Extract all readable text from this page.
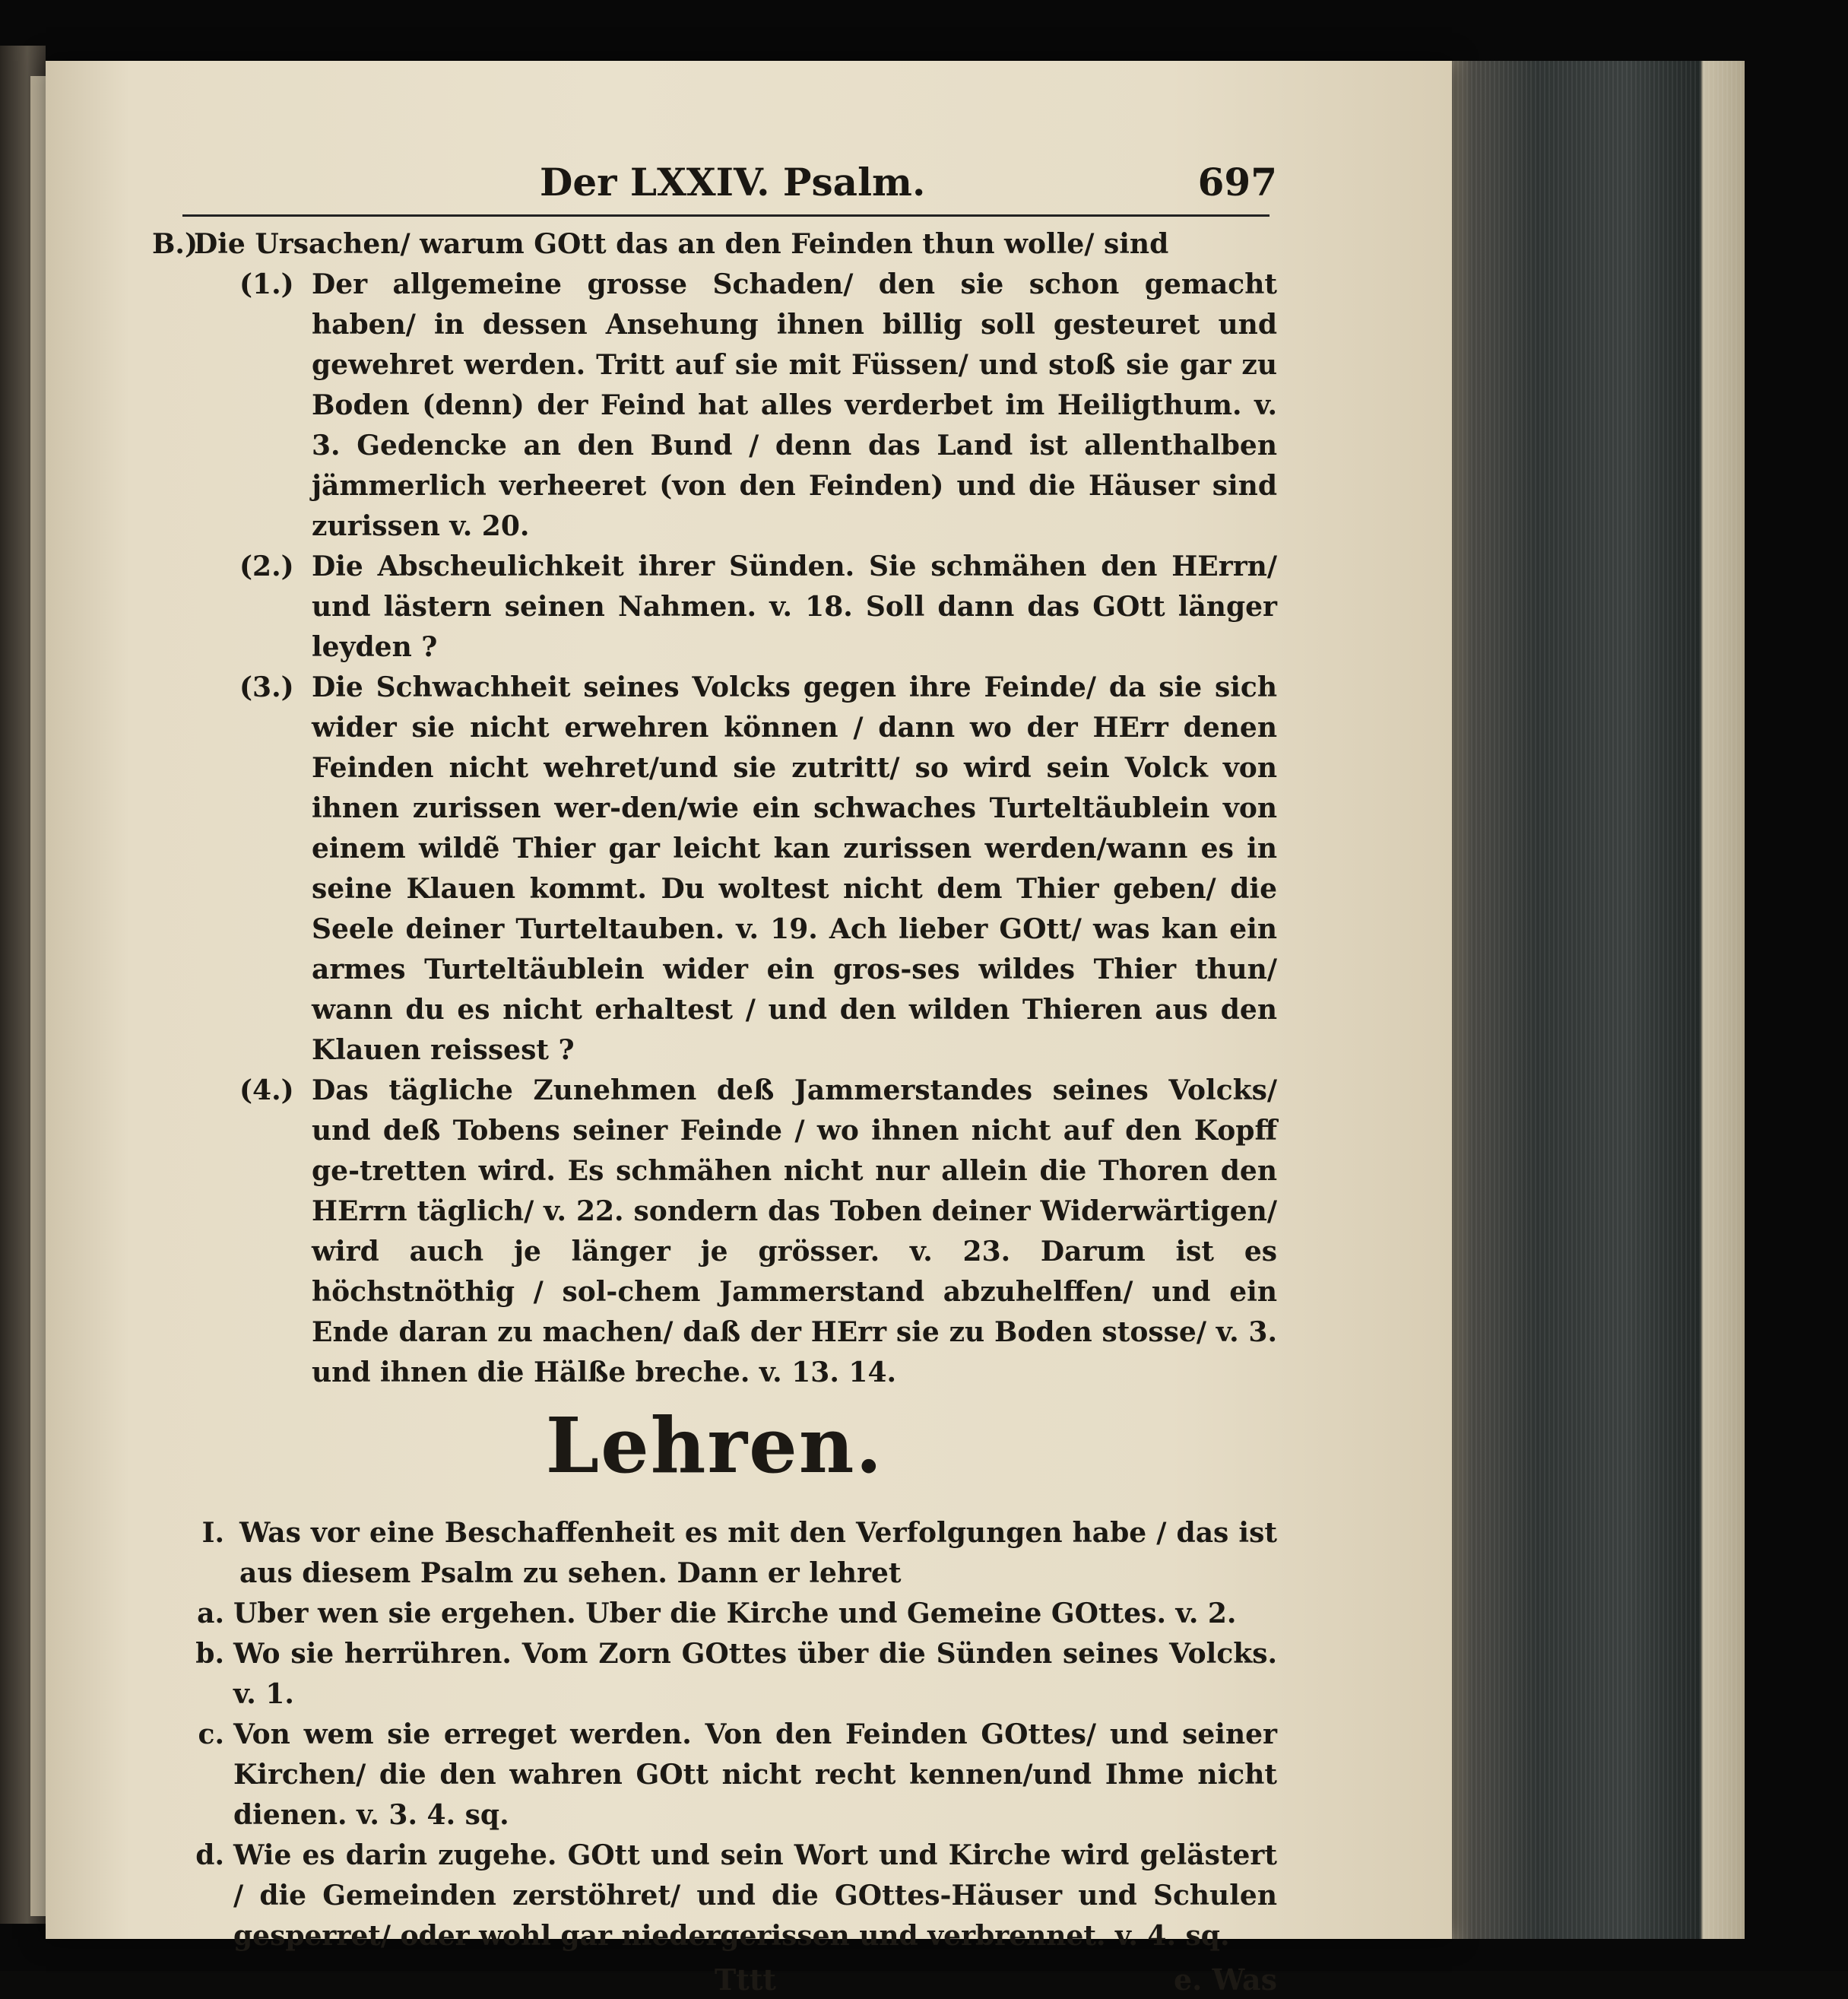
Der LXXIV. Psalm.	697
B.)
Die Ursachen/ warum GOtt das an den Feinden thun wolle/ sind
(1.) Der allgemeine grosse Schaden/ den sie schon gemacht haben/ in dessen Ansehung ihnen billig soll gesteuret und gewehret werden. Tritt auf sie mit Füssen/ und stoß sie gar zu Boden (denn) der Feind hat alles verderbet im Heiligthum. v. 3. Gedencke an den Bund / denn das Land ist allenthalben jämmerlich verheeret (von den Feinden) und die Häuser sind zurissen v. 20.
(2.) Die Abscheulichkeit ihrer Sünden. Sie schmähen den HErrn/ und lästern seinen Nahmen. v. 18. Soll dann das GOtt länger leyden ?
(3.) Die Schwachheit seines Volcks gegen ihre Feinde/ da sie sich wider sie nicht erwehren können / dann wo der HErr denen Feinden nicht wehret/und sie zutritt/ so wird sein Volck von ihnen zurissen wer-den/wie ein schwaches Turteltäublein von einem wildẽ Thier gar leicht kan zurissen werden/wann es in seine Klauen kommt. Du woltest nicht dem Thier geben/ die Seele deiner Turteltauben. v. 19. Ach lieber GOtt/ was kan ein armes Turteltäublein wider ein gros-ses wildes Thier thun/ wann du es nicht erhaltest / und den wilden Thieren aus den Klauen reissest ?
(4.) Das tägliche Zunehmen deß Jammerstandes seines Volcks/ und deß Tobens seiner Feinde / wo ihnen nicht auf den Kopff ge-tretten wird. Es schmähen nicht nur allein die Thoren den HErrn täglich/ v. 22. sondern das Toben deiner Widerwärtigen/ wird auch je länger je grösser. v. 23. Darum ist es höchstnöthig / sol-chem Jammerstand abzuhelffen/ und ein Ende daran zu machen/ daß der HErr sie zu Boden stosse/ v. 3. und ihnen die Hälße breche. v. 13. 14.
Lehren.
I. Was vor eine Beschaffenheit es mit den Verfolgungen habe / das ist aus diesem Psalm zu sehen. Dann er lehret
a. Uber wen sie ergehen. Uber die Kirche und Gemeine GOttes. v. 2.
b. Wo sie herrühren. Vom Zorn GOttes über die Sünden seines Volcks. v. 1.
c. Von wem sie erreget werden. Von den Feinden GOttes/ und seiner Kirchen/ die den wahren GOtt nicht recht kennen/und Ihme nicht dienen. v. 3. 4. sq.
d. Wie es darin zugehe. GOtt und sein Wort und Kirche wird gelästert / die Gemeinden zerstöhret/ und die GOttes-Häuser und Schulen gesperret/ oder wohl gar niedergerissen und verbrennet. v. 4. sq.
Tttt	e. Was
